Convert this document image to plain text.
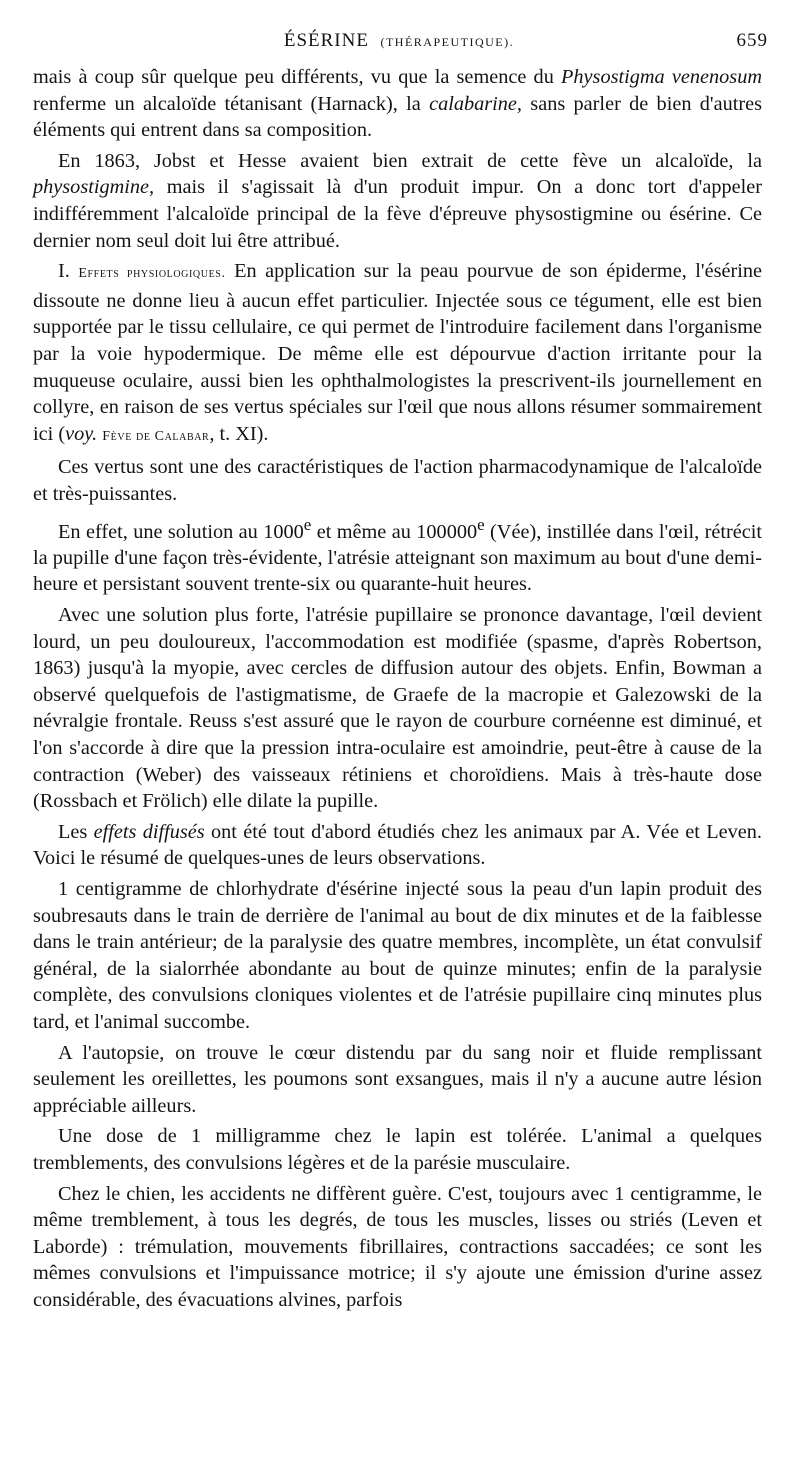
ÉSÉRINE (THÉRAPEUTIQUE).	659

mais à coup sûr quelque peu différents, vu que la semence du Physostigma venenosum renferme un alcaloïde tétanisant (Harnack), la calabarine, sans parler de bien d'autres éléments qui entrent dans sa composition.

En 1863, Jobst et Hesse avaient bien extrait de cette fève un alcaloïde, la physostigmine, mais il s'agissait là d'un produit impur. On a donc tort d'appeler indifféremment l'alcaloïde principal de la fève d'épreuve physostigmine ou ésérine. Ce dernier nom seul doit lui être attribué.

I. Effets physiologiques. En application sur la peau pourvue de son épiderme, l'ésérine dissoute ne donne lieu à aucun effet particulier. Injectée sous ce tégument, elle est bien supportée par le tissu cellulaire, ce qui permet de l'introduire facilement dans l'organisme par la voie hypodermique. De même elle est dépourvue d'action irritante pour la muqueuse oculaire, aussi bien les ophthalmologistes la prescrivent-ils journellement en collyre, en raison de ses vertus spéciales sur l'œil que nous allons résumer sommairement ici (voy. Fève de Calabar, t. XI).

Ces vertus sont une des caractéristiques de l'action pharmacodynamique de l'alcaloïde et très-puissantes.

En effet, une solution au 1000e et même au 100000e (Vée), instillée dans l'œil, rétrécit la pupille d'une façon très-évidente, l'atrésie atteignant son maximum au bout d'une demi-heure et persistant souvent trente-six ou quarante-huit heures.

Avec une solution plus forte, l'atrésie pupillaire se prononce davantage, l'œil devient lourd, un peu douloureux, l'accommodation est modifiée (spasme, d'après Robertson, 1863) jusqu'à la myopie, avec cercles de diffusion autour des objets. Enfin, Bowman a observé quelquefois de l'astigmatisme, de Graefe de la macropie et Galezowski de la névralgie frontale. Reuss s'est assuré que le rayon de courbure cornéenne est diminué, et l'on s'accorde à dire que la pression intra-oculaire est amoindrie, peut-être à cause de la contraction (Weber) des vaisseaux rétiniens et choroïdiens. Mais à très-haute dose (Rossbach et Frölich) elle dilate la pupille.

Les effets diffusés ont été tout d'abord étudiés chez les animaux par A. Vée et Leven. Voici le résumé de quelques-unes de leurs observations.

1 centigramme de chlorhydrate d'ésérine injecté sous la peau d'un lapin produit des soubresauts dans le train de derrière de l'animal au bout de dix minutes et de la faiblesse dans le train antérieur; de la paralysie des quatre membres, incomplète, un état convulsif général, de la sialorrhée abondante au bout de quinze minutes; enfin de la paralysie complète, des convulsions cloniques violentes et de l'atrésie pupillaire cinq minutes plus tard, et l'animal succombe.

A l'autopsie, on trouve le cœur distendu par du sang noir et fluide remplissant seulement les oreillettes, les poumons sont exsangues, mais il n'y a aucune autre lésion appréciable ailleurs.

Une dose de 1 milligramme chez le lapin est tolérée. L'animal a quelques tremblements, des convulsions légères et de la parésie musculaire.

Chez le chien, les accidents ne diffèrent guère. C'est, toujours avec 1 centigramme, le même tremblement, à tous les degrés, de tous les muscles, lisses ou striés (Leven et Laborde) : trémulation, mouvements fibrillaires, contractions saccadées; ce sont les mêmes convulsions et l'impuissance motrice; il s'y ajoute une émission d'urine assez considérable, des évacuations alvines, parfois
